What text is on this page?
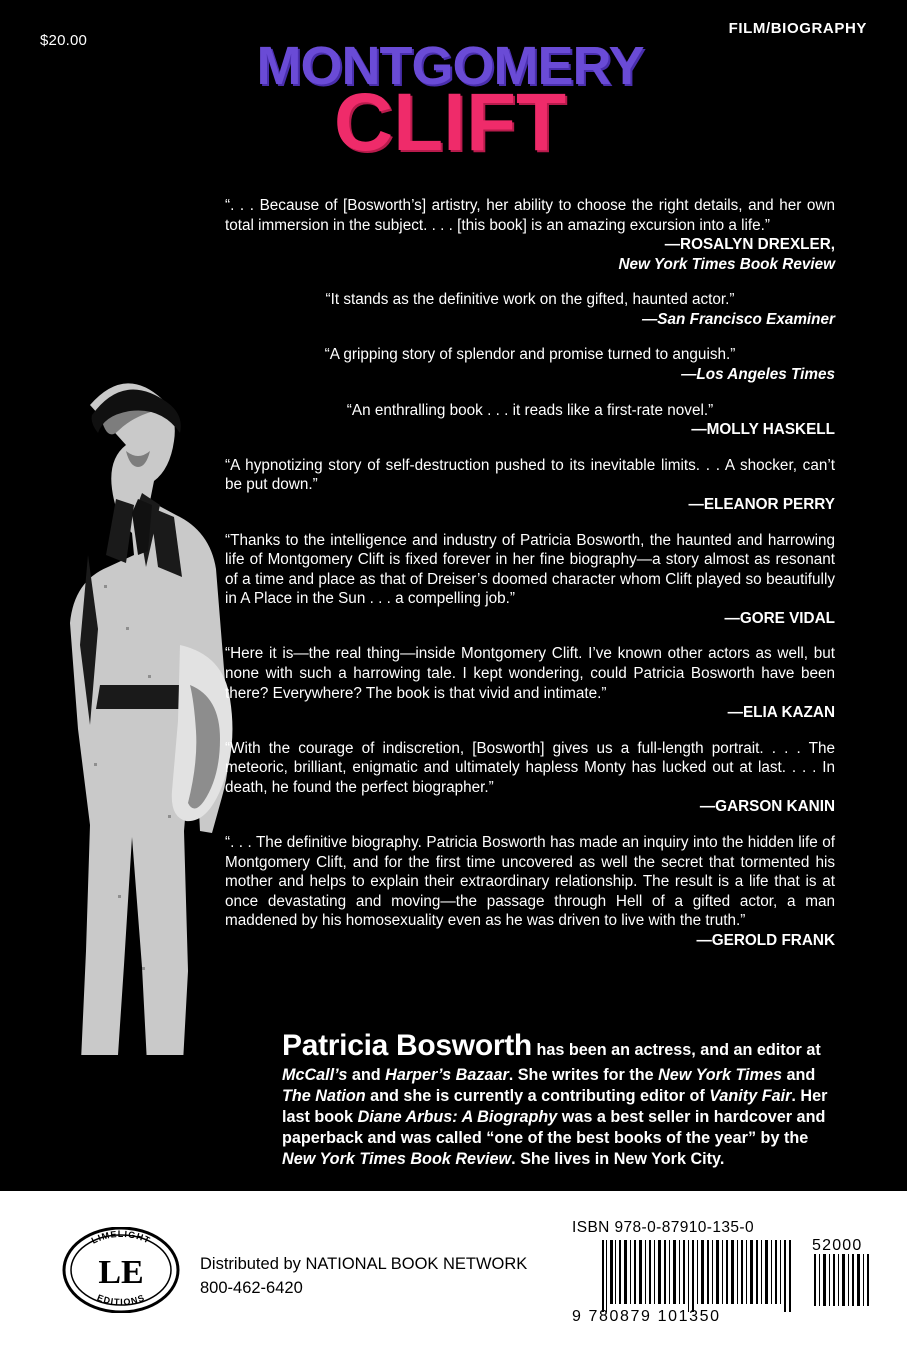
$20.00
FILM/BIOGRAPHY
MONTGOMERY
CLIFT

“. . . Because of [Bosworth’s] artistry, her ability to choose the right details, and her own total immersion in the subject. . . . [this book] is an amazing excursion into a life.”

—ROSALYN DREXLER,
New York Times Book Review

“It stands as the definitive work on the gifted, haunted actor.”

—San Francisco Examiner

“A gripping story of splendor and promise turned to anguish.”

—Los Angeles Times

“An enthralling book . . . it reads like a first-rate novel.”

—MOLLY HASKELL

“A hypnotizing story of self-destruction pushed to its inevitable limits. . . A shocker, can’t be put down.”

—ELEANOR PERRY

“Thanks to the intelligence and industry of Patricia Bosworth, the haunted and harrowing life of Montgomery Clift is fixed forever in her fine biography—a story almost as resonant of a time and place as that of Dreiser’s doomed character whom Clift played so beautifully in A Place in the Sun . . . a compelling job.”

—GORE VIDAL

“Here it is—the real thing—inside Montgomery Clift. I’ve known other actors as well, but none with such a harrowing tale. I kept wondering, could Patricia Bosworth have been there? Everywhere? The book is that vivid and intimate.”

—ELIA KAZAN

“With the courage of indiscretion, [Bosworth] gives us a full-length portrait. . . . The meteoric, brilliant, enigmatic and ultimately hapless Monty has lucked out at last. . . . In death, he found the perfect biographer.”

—GARSON KANIN

“. . . The definitive biography. Patricia Bosworth has made an inquiry into the hidden life of Montgomery Clift, and for the first time uncovered as well the secret that tormented his mother and helps to explain their extraordinary relationship. The result is a life that is at once devastating and moving—the passage through Hell of a gifted actor, a man maddened by his homosexuality even as he was driven to live with the truth.”

—GEROLD FRANK
Patricia Bosworth has been an actress, and an editor at McCall’s and Harper’s Bazaar. She writes for the New York Times and The Nation and she is currently a contributing editor of Vanity Fair. Her last book Diane Arbus: A Biography was a best seller in hardcover and paperback and was called “one of the best books of the year” by the New York Times Book Review. She lives in New York City.
LE
LIMELIGHT
EDITIONS
Distributed by NATIONAL BOOK NETWORK
800-462-6420
ISBN 978-0-87910-135-0
9 780879 101350
52000
